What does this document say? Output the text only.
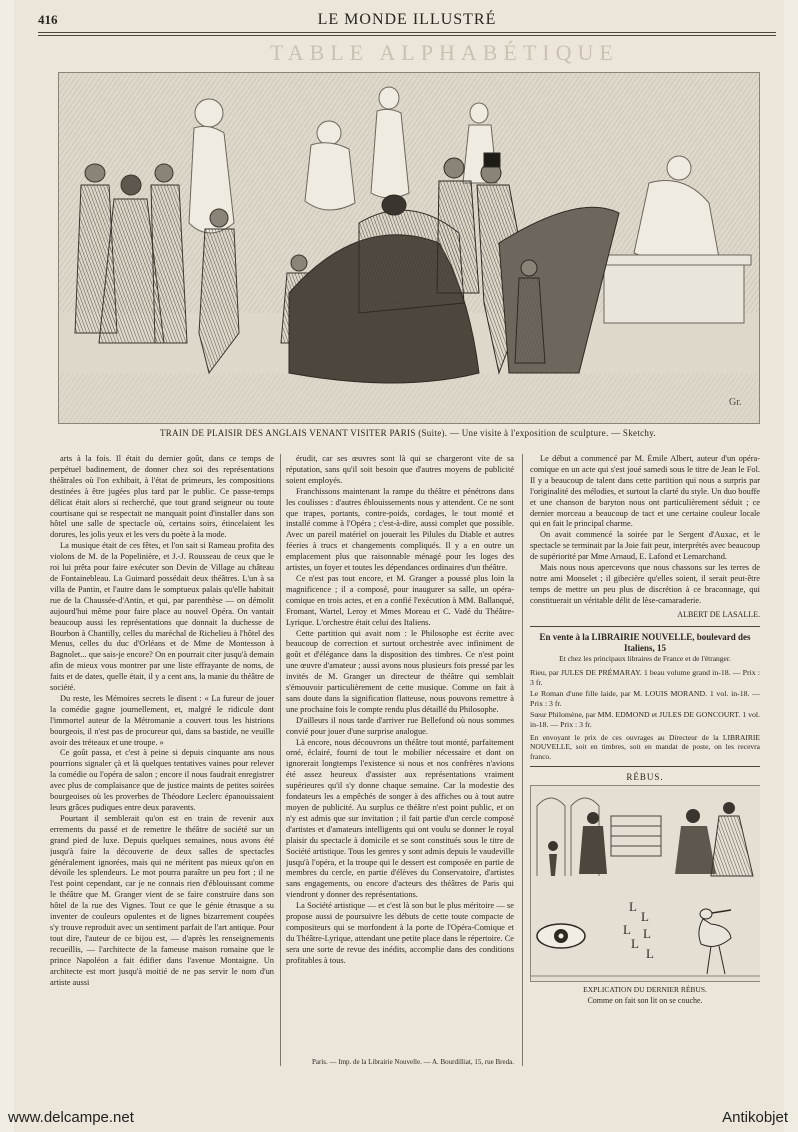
416	LE MONDE ILLUSTRÉ
TABLE ALPHABÉTIQUE
Gr.
TRAIN DE PLAISIR DES ANGLAIS VENANT VISITER PARIS (Suite). — Une visite à l'exposition de sculpture. — Sketchy.

arts à la fois. Il était du dernier goût, dans ce temps de perpétuel badinement, de donner chez soi des représentations théâtrales où l'on exhibait, à l'état de primeurs, les compositions destinées à être jugées plus tard par le public. Ce passe-temps délicat était alors si recherché, que tout grand seigneur ou toute courtisane qui se respectait ne manquait point d'installer dans son hôtel une salle de spectacle où, certains soirs, étincelaient les dorures, les jolis yeux et les vers du poète à la mode.

La musique était de ces fêtes, et l'on sait si Rameau profita des violons de M. de la Popelinière, et J.-J. Rousseau de ceux que le roi lui prêta pour faire exécuter son Devin de Village au château de Fontainebleau. La Guimard possédait deux théâtres. L'un à sa villa de Pantin, et l'autre dans le somptueux palais qu'elle habitait rue de la Chaussée-d'Antin, et qui, par parenthèse — on démolit aujourd'hui même pour faire place au nouvel Opéra. On vantait beaucoup aussi les représentations que donnait la duchesse de Bourbon à Chantilly, celles du maréchal de Richelieu à l'hôtel des Menus, celles du duc d'Orléans et de Mme de Montesson à Bagnolet... que sais-je encore? On en pourrait citer jusqu'à demain afin de mieux vous montrer par une liste effrayante de noms, de faits et de dates, quelle était, il y a cent ans, la manie du théâtre de société.

Du reste, les Mémoires secrets le disent : « La fureur de jouer la comédie gagne journellement, et, malgré le ridicule dont l'immortel auteur de la Métromanie a couvert tous les histrions bourgeois, il n'est pas de procureur qui, dans sa bastide, ne veuille avoir des tréteaux et une troupe. »

Ce goût passa, et c'est à peine si depuis cinquante ans nous pourrions signaler çà et là quelques tentatives vaines pour relever la comédie ou l'opéra de salon ; encore il nous faudrait enregistrer avec plus de complaisance que de justice maints de petites soirées bourgeoises où les proverbes de Théodore Leclerc épanouissaient leurs grâces pudiques entre deux paravents.

Pourtant il semblerait qu'on est en train de revenir aux errements du passé et de remettre le théâtre de société sur un grand pied de luxe. Depuis quelques semaines, nous avons été jusqu'à faire la découverte de deux salles de spectacles généralement ignorées, mais qui ne méritent pas mieux qu'on en dévoile les splendeurs. Le mot pourra paraître un peu fort ; il ne l'est point cependant, car je ne connais rien d'éblouissant comme le théâtre que M. Granger vient de se faire construire dans son hôtel de la rue des Vignes. Tout ce que le génie étrusque a su inventer de couleurs opulentes et de lignes bizarrement coupées s'y trouve reproduit avec un sentiment parfait de l'art antique. Pour tout dire, l'auteur de ce bijou est, — d'après les renseignements recueillis, — l'architecte de la fameuse maison romaine que le prince Napoléon a fait édifier dans l'avenue Montaigne. Un architecte est mort jusqu'à moitié de ne pas servir le nom d'un artiste aussi

érudit, car ses œuvres sont là qui se chargeront vite de sa réputation, sans qu'il soit besoin que d'autres moyens de publicité soient employés.

Franchissons maintenant la rampe du théâtre et pénétrons dans les coulisses : d'autres éblouissements nous y attendent. Ce ne sont que trapes, portants, contre-poids, cordages, le tout monté et installé comme à l'Opéra ; c'est-à-dire, aussi complet que possible. Avec un pareil matériel on jouerait les Pilules du Diable et autres féeries à trucs et changements compliqués. Il y a en outre un emplacement plus que raisonnable ménagé pour les loges des artistes, un foyer et toutes les dépendances ordinaires d'un théâtre.

Ce n'est pas tout encore, et M. Granger a poussé plus loin la magnificence ; il a composé, pour inaugurer sa salle, un opéra-comique en trois actes, et en a confié l'exécution à MM. Ballanqué, Fromant, Wartel, Leroy et Mmes Moreau et C. Vadé du Théâtre-Lyrique. L'orchestre était celui des Italiens.

Cette partition qui avait nom : le Philosophe est écrite avec beaucoup de correction et surtout orchestrée avec infiniment de goût et d'élégance dans la disposition des timbres. Ce n'est point une œuvre d'amateur ; aussi avons nous plusieurs fois pressé par les invités de M. Granger un directeur de théâtre qui semblait s'émouvoir particulièrement de cette musique. Comme on fait à sans doute dans la signification flatteuse, nous pouvons remettre à une prochaine fois le compte rendu plus détaillé du Philosophe.

D'ailleurs il nous tarde d'arriver rue Bellefond où nous sommes convié pour jouer d'une surprise analogue.

Là encore, nous découvrons un théâtre tout monté, parfaitement orné, éclairé, fourni de tout le mobilier nécessaire et dont on ignorerait longtemps l'existence si nous et nos confrères n'avions été assez heureux d'assister aux représentations vraiment supérieures qu'il s'y donne chaque semaine. Car la modestie des fondateurs les a empêchés de songer à des affiches ou à tout autre moyen de publicité. Au surplus ce théâtre n'est point public, et on n'y est admis que sur invitation ; il fait partie d'un cercle composé d'artistes et d'amateurs intelligents qui ont voulu se donner le royal plaisir du spectacle à domicile et se sont constitués sous le titre de Société artistique. Tous les genres y sont admis depuis le vaudeville jusqu'à l'opéra, et la troupe qui le dessert est composée en partie de membres du cercle, en partie d'élèves du Conservatoire, d'artistes sans engagements, ou encore d'acteurs des théâtres de Paris qui viendront y donner des représentations.

La Société artistique — et c'est là son but le plus méritoire — se propose aussi de poursuivre les débuts de cette toute compacte de compositeurs qui se morfondent à la porte de l'Opéra-Comique et du Théâtre-Lyrique, attendant une petite place dans le répertoire. Ce sera une sorte de revue des inédits, accomplie dans des conditions profitables à tous.

Le début a commencé par M. Émile Albert, auteur d'un opéra-comique en un acte qui s'est joué samedi sous le titre de Jean le Fol. Il y a beaucoup de talent dans cette partition qui nous a surpris par l'originalité des mélodies, et surtout la clarté du style. Un duo bouffe et une chanson de baryton nous ont particulièrement séduit ; ce dernier morceau a beaucoup de tact et une certaine couleur locale qui en fait le principal charme.

On avait commencé la soirée par le Sergent d'Auxac, et le spectacle se terminait par la Joie fait peur, interprétés avec beaucoup de supériorité par Mme Arnaud, E. Lafond et Lemarchand.

Mais nous nous apercevons que nous chassons sur les terres de notre ami Monselet ; il gibecière qu'elles soient, il serait peut-être temps de mettre un peu plus de discrétion à ce braconnage, qui constituerait un véritable délit de lèse-camaraderie.

ALBERT DE LASALLE.
En vente à la LIBRAIRIE NOUVELLE, boulevard des Italiens, 15
Et chez les principaux libraires de France et de l'étranger.
Rieu, par JULES DE PRÉMARAY. 1 beau volume grand in-18. — Prix : 3 fr.
Le Roman d'une fille laide, par M. LOUIS MORAND. 1 vol. in-18. — Prix : 3 fr.
Sœur Philomène, par MM. EDMOND et JULES DE GONCOURT. 1 vol. in-18. — Prix : 3 fr.
En envoyant le prix de ces ouvrages au Directeur de la LIBRAIRIE NOUVELLE, soit en timbres, soit en mandat de poste, on les recevra franco.
RÉBUS.
L
L
L L
L
L
EXPLICATION DU DERNIER RÉBUS.
Comme on fait son lit on se couche.
Paris. — Imp. de la Librairie Nouvelle. — A. Bourdilliat, 15, rue Breda.
www.delcampe.net	Antikobjet
